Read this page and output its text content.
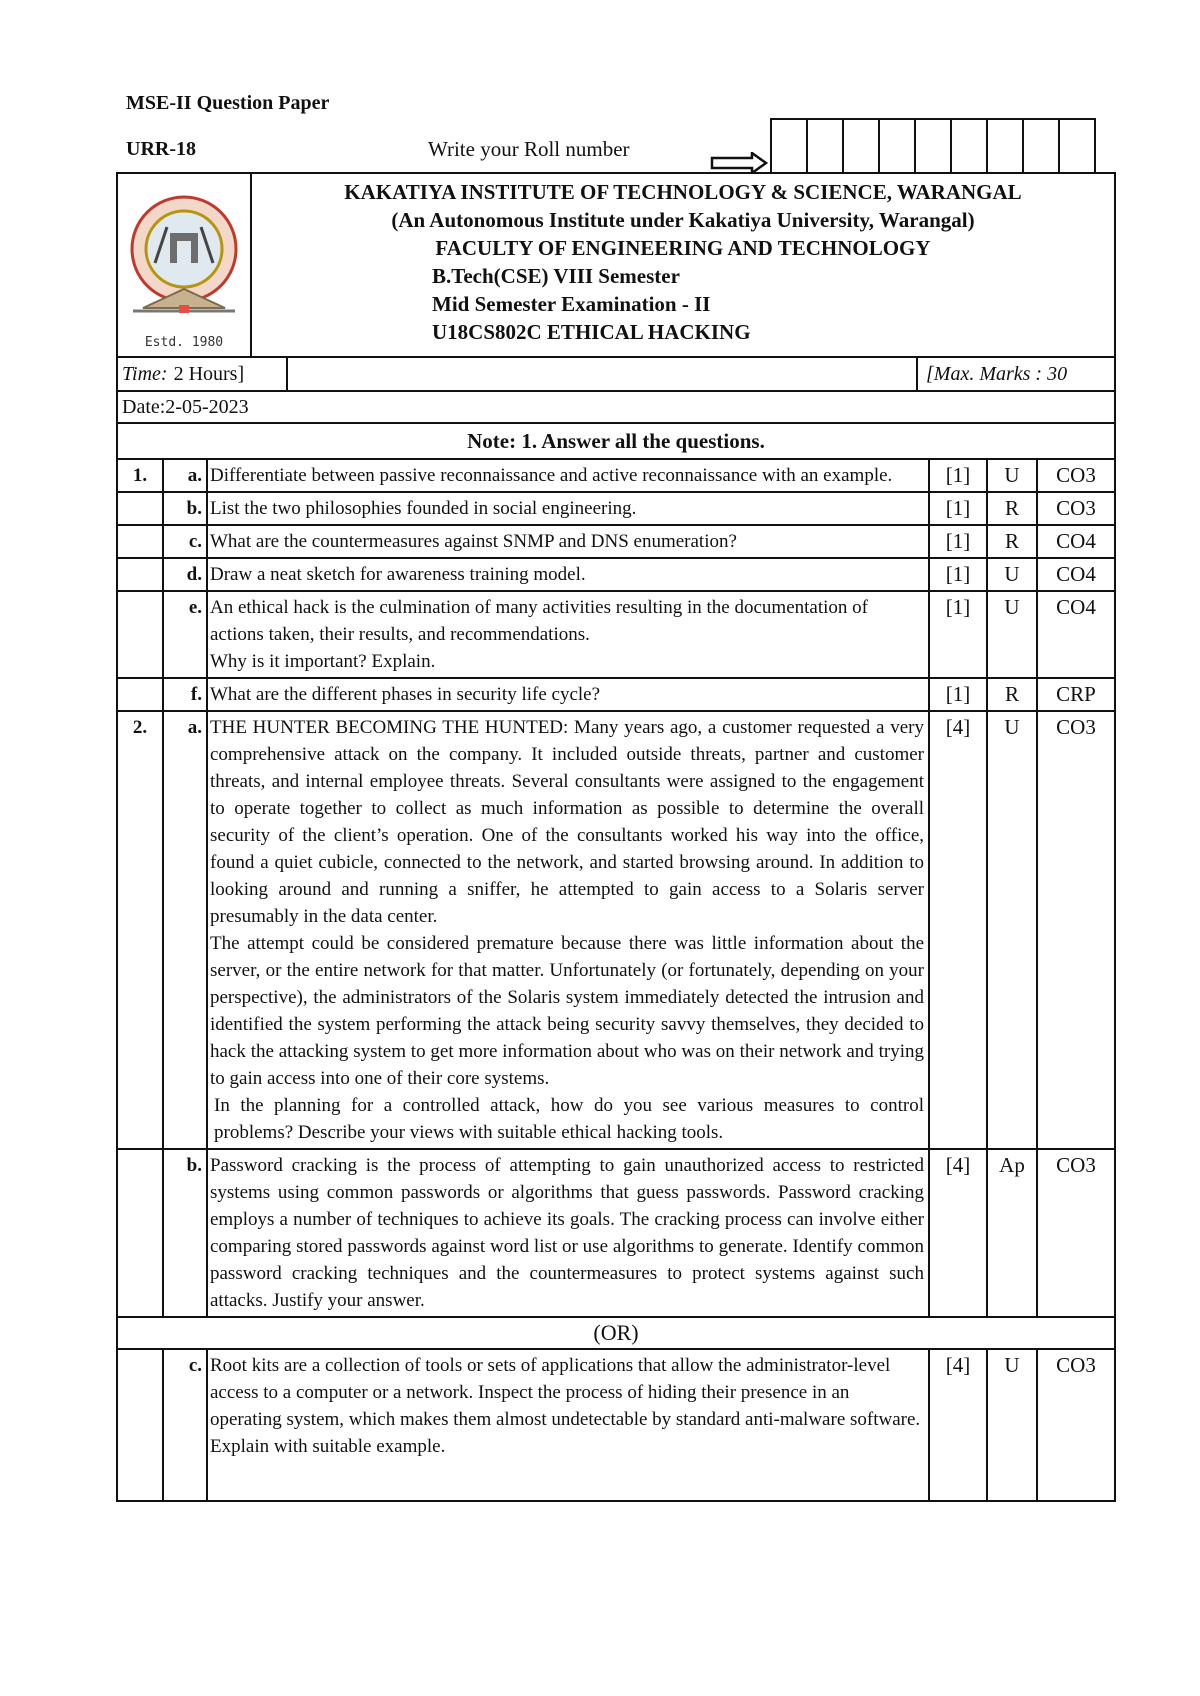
MSE-II Question Paper
URR-18	Write your Roll number
Estd. 1980
KAKATIYA INSTITUTE OF TECHNOLOGY & SCIENCE, WARANGAL
(An Autonomous Institute under Kakatiya University, Warangal)
FACULTY OF ENGINEERING AND TECHNOLOGY
B.Tech(CSE) VIII Semester
Mid Semester Examination - II
U18CS802C ETHICAL HACKING
Time: 2 Hours]	[Max. Marks : 30
Date:2-05-2023
Note: 1. Answer all the questions.
1.	a. Differentiate between passive reconnaissance and active reconnaissance with an example.	[1]	U	CO3
b. List the two philosophies founded in social engineering.	[1]	R	CO3
c. What are the countermeasures against SNMP and DNS enumeration?	[1]	R	CO4
d. Draw a neat sketch for awareness training model.	[1]	U	CO4
e. An ethical hack is the culmination of many activities resulting in the documentation of actions taken, their results, and recommendations.

Why is it important? Explain.

[1]	U	CO4
f. What are the different phases in security life cycle?	[1]	R	CRP
2.	a. THE HUNTER BECOMING THE HUNTED: Many years ago, a customer requested a very comprehensive attack on the company. It included outside threats, partner and customer threats, and internal employee threats. Several consultants were assigned to the engagement to operate together to collect as much information as possible to determine the overall security of the client’s operation. One of the consultants worked his way into the office, found a quiet cubicle, connected to the network, and started browsing around. In addition to looking around and running a sniffer, he attempted to gain access to a Solaris server presumably in the data center.

The attempt could be considered premature because there was little information about the server, or the entire network for that matter. Unfortunately (or fortunately, depending on your perspective), the administrators of the Solaris system immediately detected the intrusion and identified the system performing the attack being security savvy themselves, they decided to hack the attacking system to get more information about who was on their network and trying to gain access into one of their core systems.

In the planning for a controlled attack, how do you see various measures to control problems? Describe your views with suitable ethical hacking tools.

[4]	U	CO3
b. Password cracking is the process of attempting to gain unauthorized access to restricted systems using common passwords or algorithms that guess passwords. Password cracking employs a number of techniques to achieve its goals. The cracking process can involve either comparing stored passwords against word list or use algorithms to generate. Identify common password cracking techniques and the countermeasures to protect systems against such attacks. Justify your answer.
[4]	Ap	CO3
(OR)
c. Root kits are a collection of tools or sets of applications that allow the administrator-level access to a computer or a network. Inspect the process of hiding their presence in an operating system, which makes them almost undetectable by standard anti-malware software. Explain with suitable example.
[4]	U	CO3
